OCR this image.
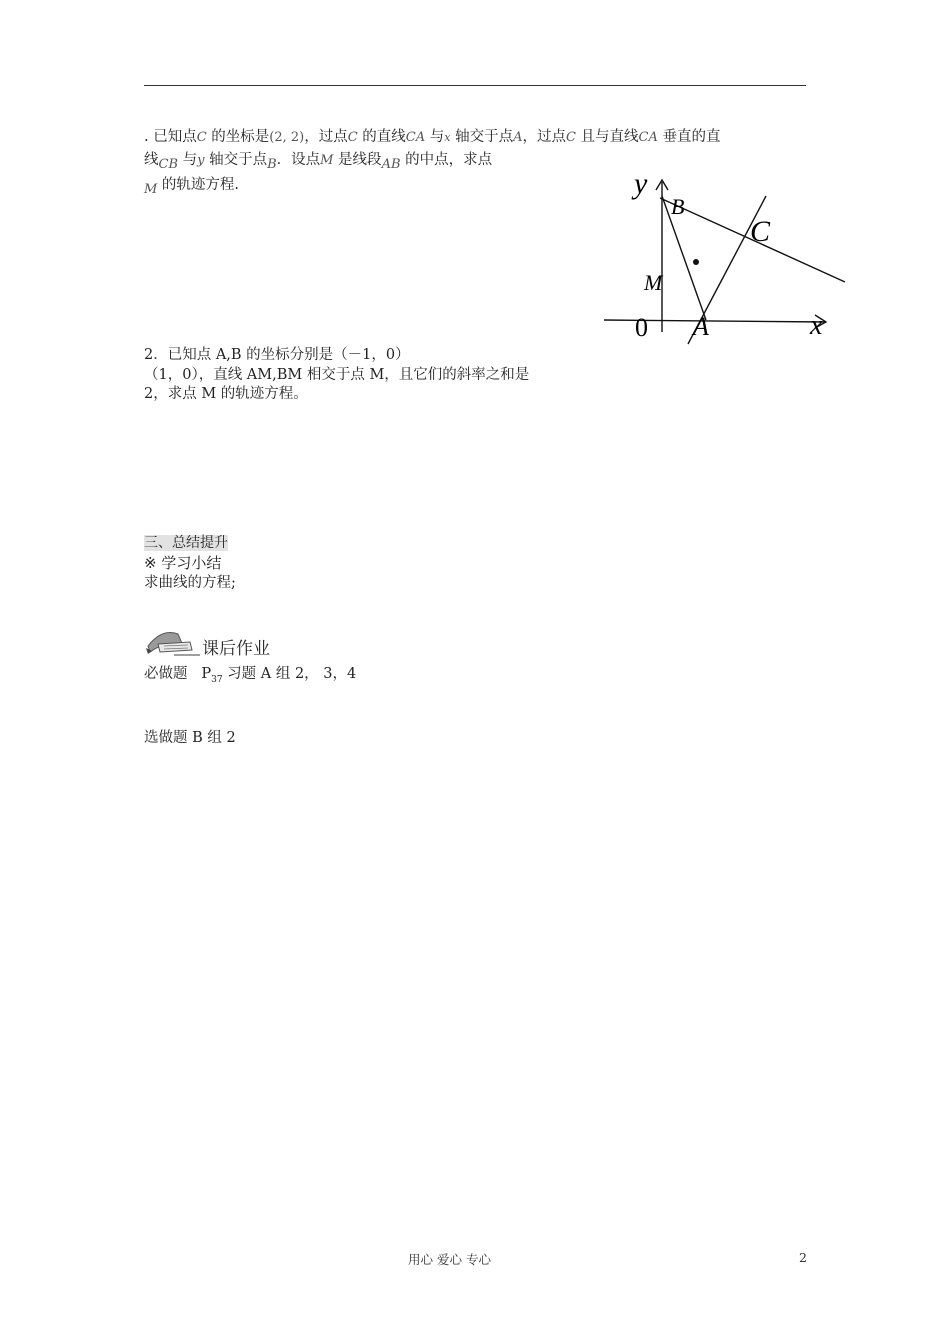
. 已知点C 的坐标是(2, 2)，过点C 的直线CA 与x 轴交于点A，过点C 且与直线CA 垂直的直
线CB 与y 轴交于点B．设点M 是线段AB 的中点，求点
M 的轨迹方程.	y
B
C
M
0 A	x
2．已知点 A,B 的坐标分别是（－1，0）
（1，0），直线 AM,BM 相交于点 M，且它们的斜率之和是
2，求点 M 的轨迹方程。
三、总结提升
※ 学习小结
求曲线的方程;
课后作业
必做题 $P_{37}$ 习题 A 组 2， 3，4
选做题 B 组 2
用心 爱心 专心	2
